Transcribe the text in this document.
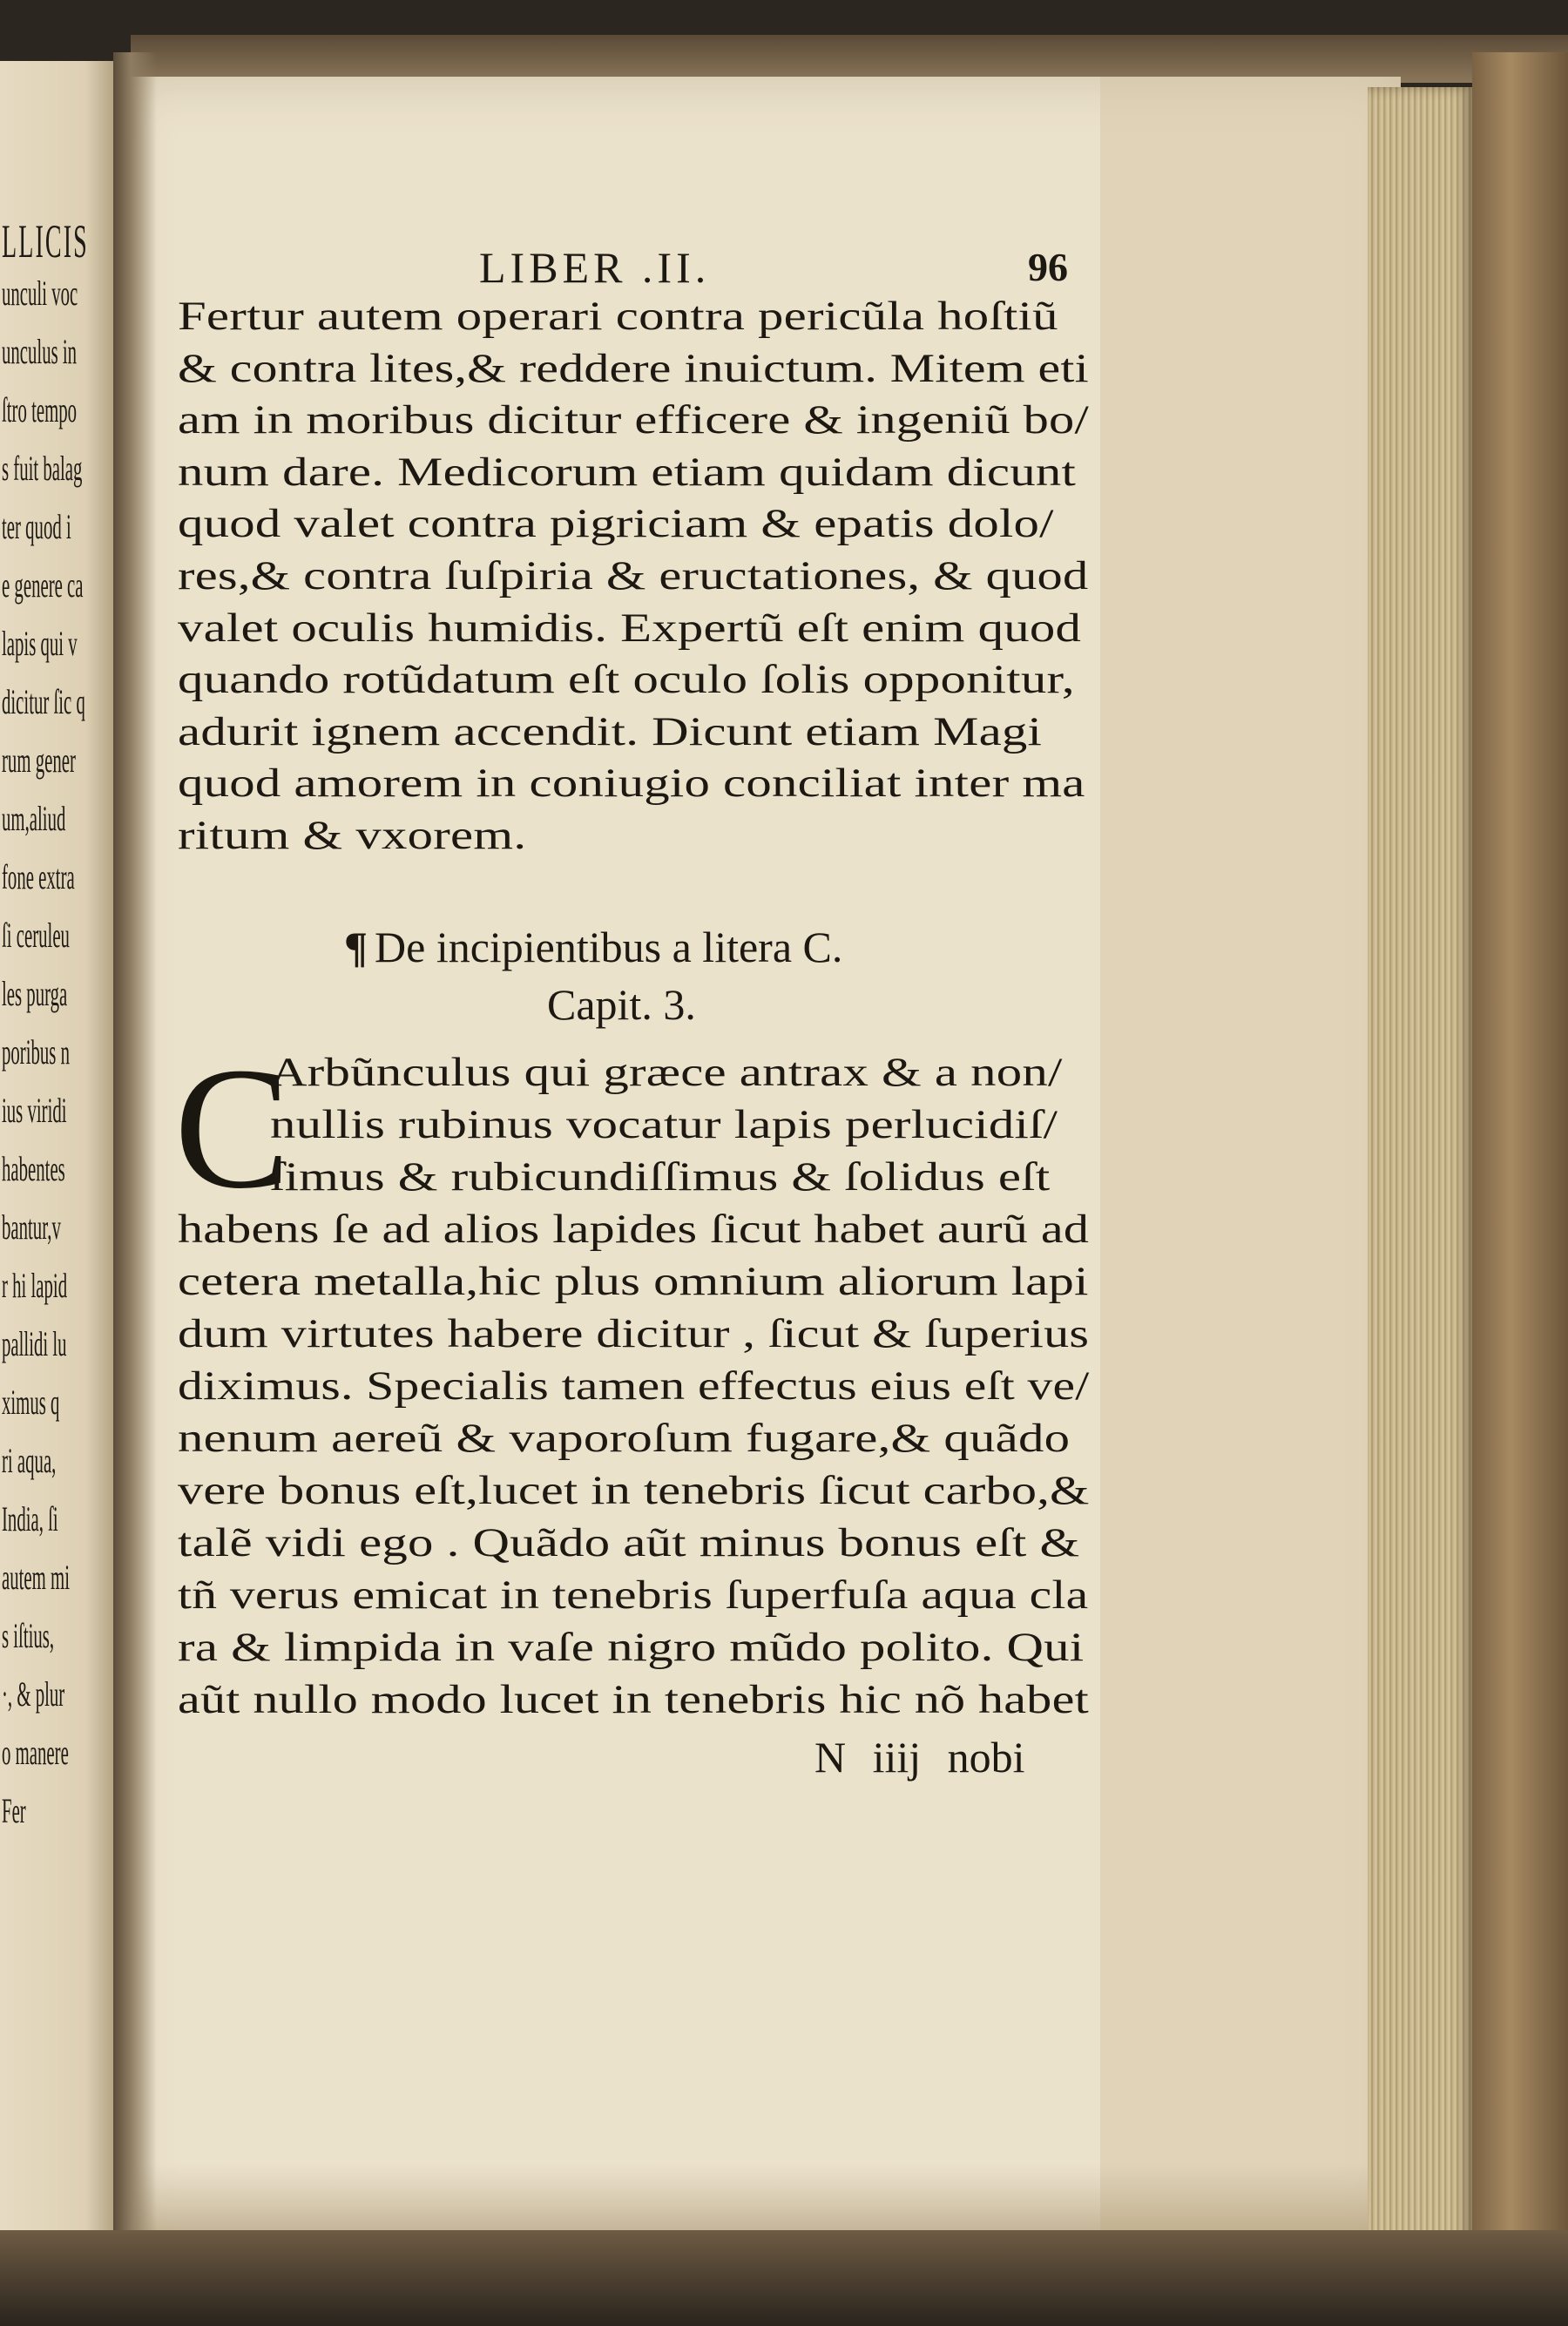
LLICIS
unculi voc
unculus in
ſtro tempo
s fuit balag
ter quod i
e genere ca
lapis qui v
dicitur ſic q
rum gener
um,aliud
fone extra
ſi ceruleu
les purga
poribus n
ius viridi
habentes
bantur,v
r hi lapid
pallidi lu
ximus q
ri aqua,
India, ſi
autem mi
s iſtius,
·, & plur
o manere
Fer
LIBER .II.	96
Fertur autem operari contra pericũla hoſtiũ
& contra lites,& reddere inuictum. Mitem eti
am in moribus dicitur efficere & ingeniũ bo/
num dare. Medicorum etiam quidam dicunt
quod valet contra pigriciam & epatis dolo/
res,& contra ſuſpiria & eructationes, & quod
valet oculis humidis. Expertũ eſt enim quod
quando rotũdatum eſt oculo ſolis opponitur,
adurit ignem accendit. Dicunt etiam Magi
quod amorem in coniugio conciliat inter ma
ritum & vxorem.
¶ De incipientibus a litera C.
Capit. 3.
C
Arbũnculus qui græce antrax & a non/
nullis rubinus vocatur lapis perlucidiſ/
ſimus & rubicundiſſimus & ſolidus eſt
habens ſe ad alios lapides ſicut habet aurũ ad
cetera metalla,hic plus omnium aliorum lapi
dum virtutes habere dicitur , ſicut & ſuperius
diximus. Specialis tamen effectus eius eſt ve/
nenum aereũ & vaporoſum fugare,& quãdo
vere bonus eſt,lucet in tenebris ſicut carbo,&
talẽ vidi ego . Quãdo aũt minus bonus eſt &
tñ verus emicat in tenebris ſuperfuſa aqua cla
ra & limpida in vaſe nigro mũdo polito. Qui
aũt nullo modo lucet in tenebris hic nõ habet
N iiij nobi
